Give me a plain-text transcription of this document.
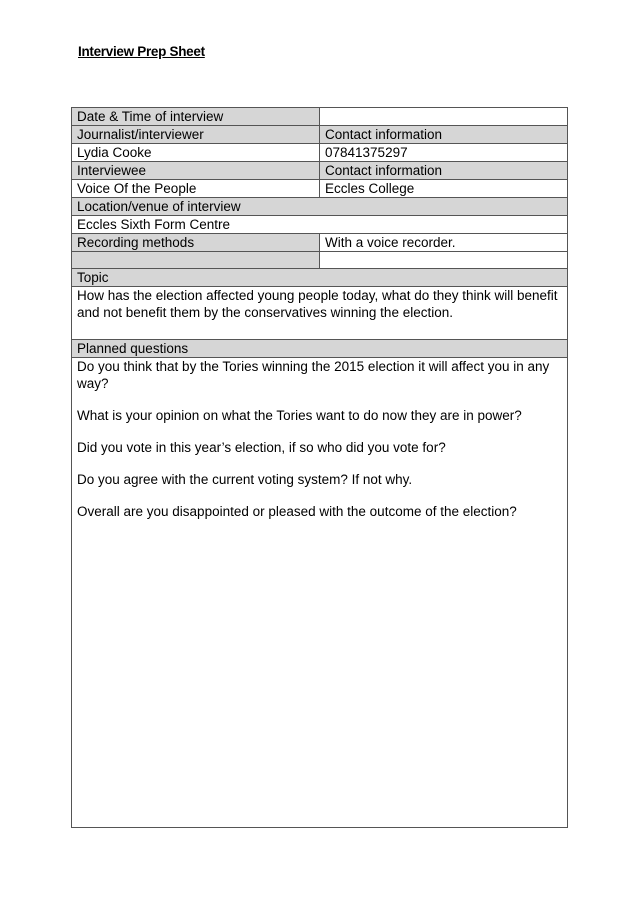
Interview Prep Sheet
Date & Time of interview	
Journalist/interviewer	Contact information
Lydia Cooke	07841375297
Interviewee	Contact information
Voice Of the People	Eccles College
Location/venue of interview	
Eccles Sixth Form Centre	
Recording methods	With a voice recorder.

Topic	
How has the election affected young people today, what do they think will benefit and not benefit them by the conservatives winning the election.	
Planned questions	

Do you think that by the Tories winning the 2015 election it will affect you in any way?

What is your opinion on what the Tories want to do now they are in power?

Did you vote in this year’s election, if so who did you vote for?

Do you agree with the current voting system? If not why.

Overall are you disappointed or pleased with the outcome of the election?	
